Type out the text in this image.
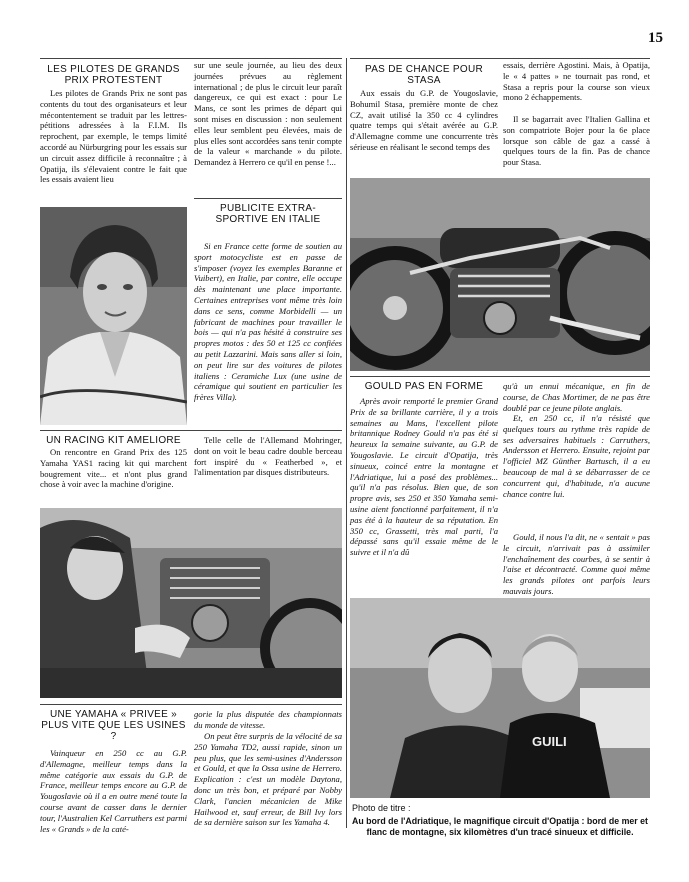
15
LES PILOTES DE GRANDS PRIX PROTESTENT
Les pilotes de Grands Prix ne sont pas contents du tout des organisateurs et leur mécontentement se traduit par les lettres-pétitions adressées à la F.I.M. Ils reprochent, par exemple, le temps limité accordé au Nürburgring pour les essais sur un circuit assez difficile à reconnaître ; à Opatija, ils s'élevaient contre le fait que les essais avaient lieu
sur une seule journée, au lieu des deux journées prévues au règlement international ; de plus le circuit leur paraît dangereux, ce qui est exact : pour Le Mans, ce sont les primes de départ qui sont mises en discussion : non seulement elles leur semblent peu élevées, mais de plus elles sont accordées sans tenir compte de la valeur « marchande » du pilote. Demandez à Herrero ce qu'il en pense !...
PUBLICITE EXTRA-SPORTIVE EN ITALIE
Si en France cette forme de soutien au sport motocycliste est en passe de s'imposer (voyez les exemples Baranne et Vuibert), en Italie, par contre, elle occupe dès maintenant une place importante. Certaines entreprises vont même très loin dans ce sens, comme Morbidelli — un fabricant de machines pour travailler le bois — qui n'a pas hésité à construire ses propres motos : des 50 et 125 cc confiées au petit Lazzarini. Mais sans aller si loin, on peut lire sur des voitures de pilotes italiens : Ceramiche Lux (une usine de céramique qui soutient en particulier les frères Villa).
UN RACING KIT AMELIORE
On rencontre en Grand Prix des 125 Yamaha YAS1 racing kit qui marchent bougrement vite... et n'ont plus grand chose à voir avec la machine d'origine.
Telle celle de l'Allemand Mohringer, dont on voit le beau cadre double berceau fort inspiré du « Featherbed », et l'alimentation par disques distributeurs.
UNE YAMAHA « PRIVEE » PLUS VITE QUE LES USINES ?
Vainqueur en 250 cc au G.P. d'Allemagne, meilleur temps dans la même catégorie aux essais du G.P. de France, meilleur temps encore au G.P. de Yougoslavie où il a en outre mené toute la course avant de casser dans le dernier tour, l'Australien Kel Carruthers est parmi les « Grands » de la caté-
gorie la plus disputée des championnats du monde de vitesse.
On peut être surpris de la vélocité de sa 250 Yamaha TD2, aussi rapide, sinon un peu plus, que les semi-usines d'Andersson et Gould, et que la Ossa usine de Herrero. Explication : c'est un modèle Daytona, donc un très bon, et préparé par Nobby Clark, l'ancien mécanicien de Mike Hailwood et, sauf erreur, de Bill Ivy lors de sa dernière saison sur les Yamaha 4.
PAS DE CHANCE POUR STASA
Aux essais du G.P. de Yougoslavie, Bohumil Stasa, première monte de chez CZ, avait utilisé la 350 cc 4 cylindres quatre temps qui s'était avérée au G.P. d'Allemagne comme une concurrente très sérieuse en réalisant le second temps des
essais, derrière Agostini. Mais, à Opatija, le « 4 pattes » ne tournait pas rond, et Stasa a repris pour la course son vieux mono 2 échappements.
Il se bagarrait avec l'Italien Gallina et son compatriote Bojer pour la 6e place lorsque son câble de gaz a cassé à quelques tours de la fin. Pas de chance pour Stasa.
GOULD PAS EN FORME
Après avoir remporté le premier Grand Prix de sa brillante carrière, il y a trois semaines au Mans, l'excellent pilote britannique Rodney Gould n'a pas été si heureux la semaine suivante, au G.P. de Yougoslavie. Le circuit d'Opatija, très sinueux, coincé entre la montagne et l'Adriatique, lui a posé des problèmes... qu'il n'a pas résolus. Bien que, de son propre avis, ses 250 et 350 Yamaha semi-usine aient fonctionné parfaitement, il n'a pas été à la hauteur de sa réputation. En 350 cc, Grassetti, très mal parti, l'a dépassé sans qu'il essaie même de le suivre et il n'a dû
qu'à un ennui mécanique, en fin de course, de Chas Mortimer, de ne pas être doublé par ce jeune pilote anglais.
Et, en 250 cc, il n'a résisté que quelques tours au rythme très rapide de ses adversaires habituels : Carruthers, Andersson et Herrero. Ensuite, rejoint par l'officiel MZ Günther Bartusch, il a eu beaucoup de mal à se débarrasser de ce concurrent qui, d'habitude, n'a aucune chance contre lui.
Gould, il nous l'a dit, ne « sentait » pas le circuit, n'arrivait pas à assimiler l'enchaînement des courbes, à se sentir à l'aise et décontracté. Comme quoi même les grands pilotes ont parfois leurs mauvais jours.
GUILI
Photo de titre :
Au bord de l'Adriatique, le magnifique circuit d'Opatija : bord de mer et flanc de montagne, six kilomètres d'un tracé sinueux et difficile.
